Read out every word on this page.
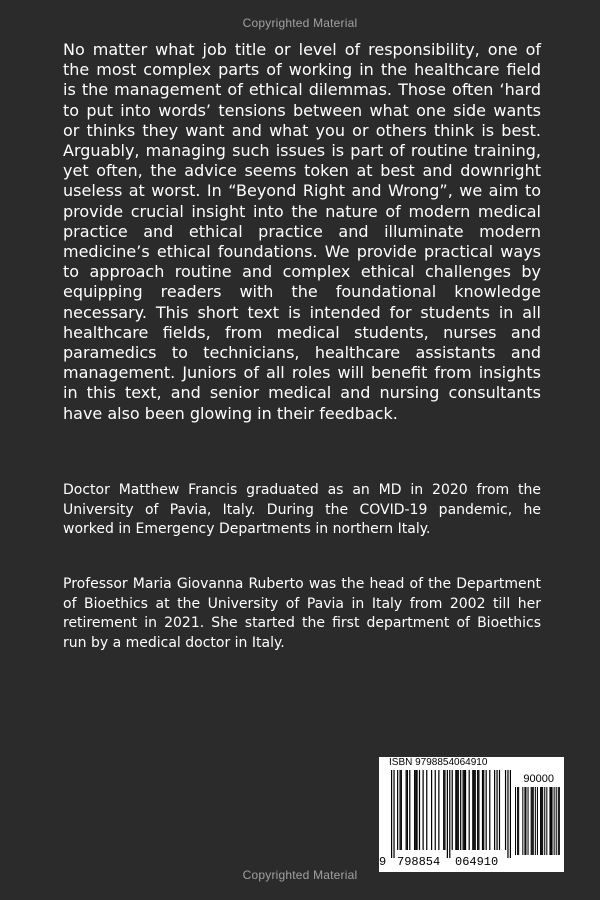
Copyrighted Material

No matter what job title or level of responsibility, one of the most complex parts of working in the healthcare field is the management of ethical dilemmas. Those often ‘hard to put into words’ tensions between what one side wants or thinks they want and what you or others think is best. Arguably, managing such issues is part of routine training, yet often, the advice seems token at best and downright useless at worst. In “Beyond Right and Wrong”, we aim to provide crucial insight into the nature of modern medical practice and ethical practice and illuminate modern medicine’s ethical foundations. We provide practical ways to approach routine and complex ethical challenges by equipping readers with the foundational knowledge necessary. This short text is intended for students in all healthcare fields, from medical students, nurses and paramedics to technicians, healthcare assistants and management. Juniors of all roles will benefit from insights in this text, and senior medical and nursing consultants have also been glowing in their feedback.

Doctor Matthew Francis graduated as an MD in 2020 from the University of Pavia, Italy. During the COVID-19 pandemic, he worked in Emergency Departments in northern Italy.

Professor Maria Giovanna Ruberto was the head of the Department of Bioethics at the University of Pavia in Italy from 2002 till her retirement in 2021. She started the first department of Bioethics run by a medical doctor in Italy.

ISBN 9798854064910
90000
9 798854 064910
Copyrighted Material
